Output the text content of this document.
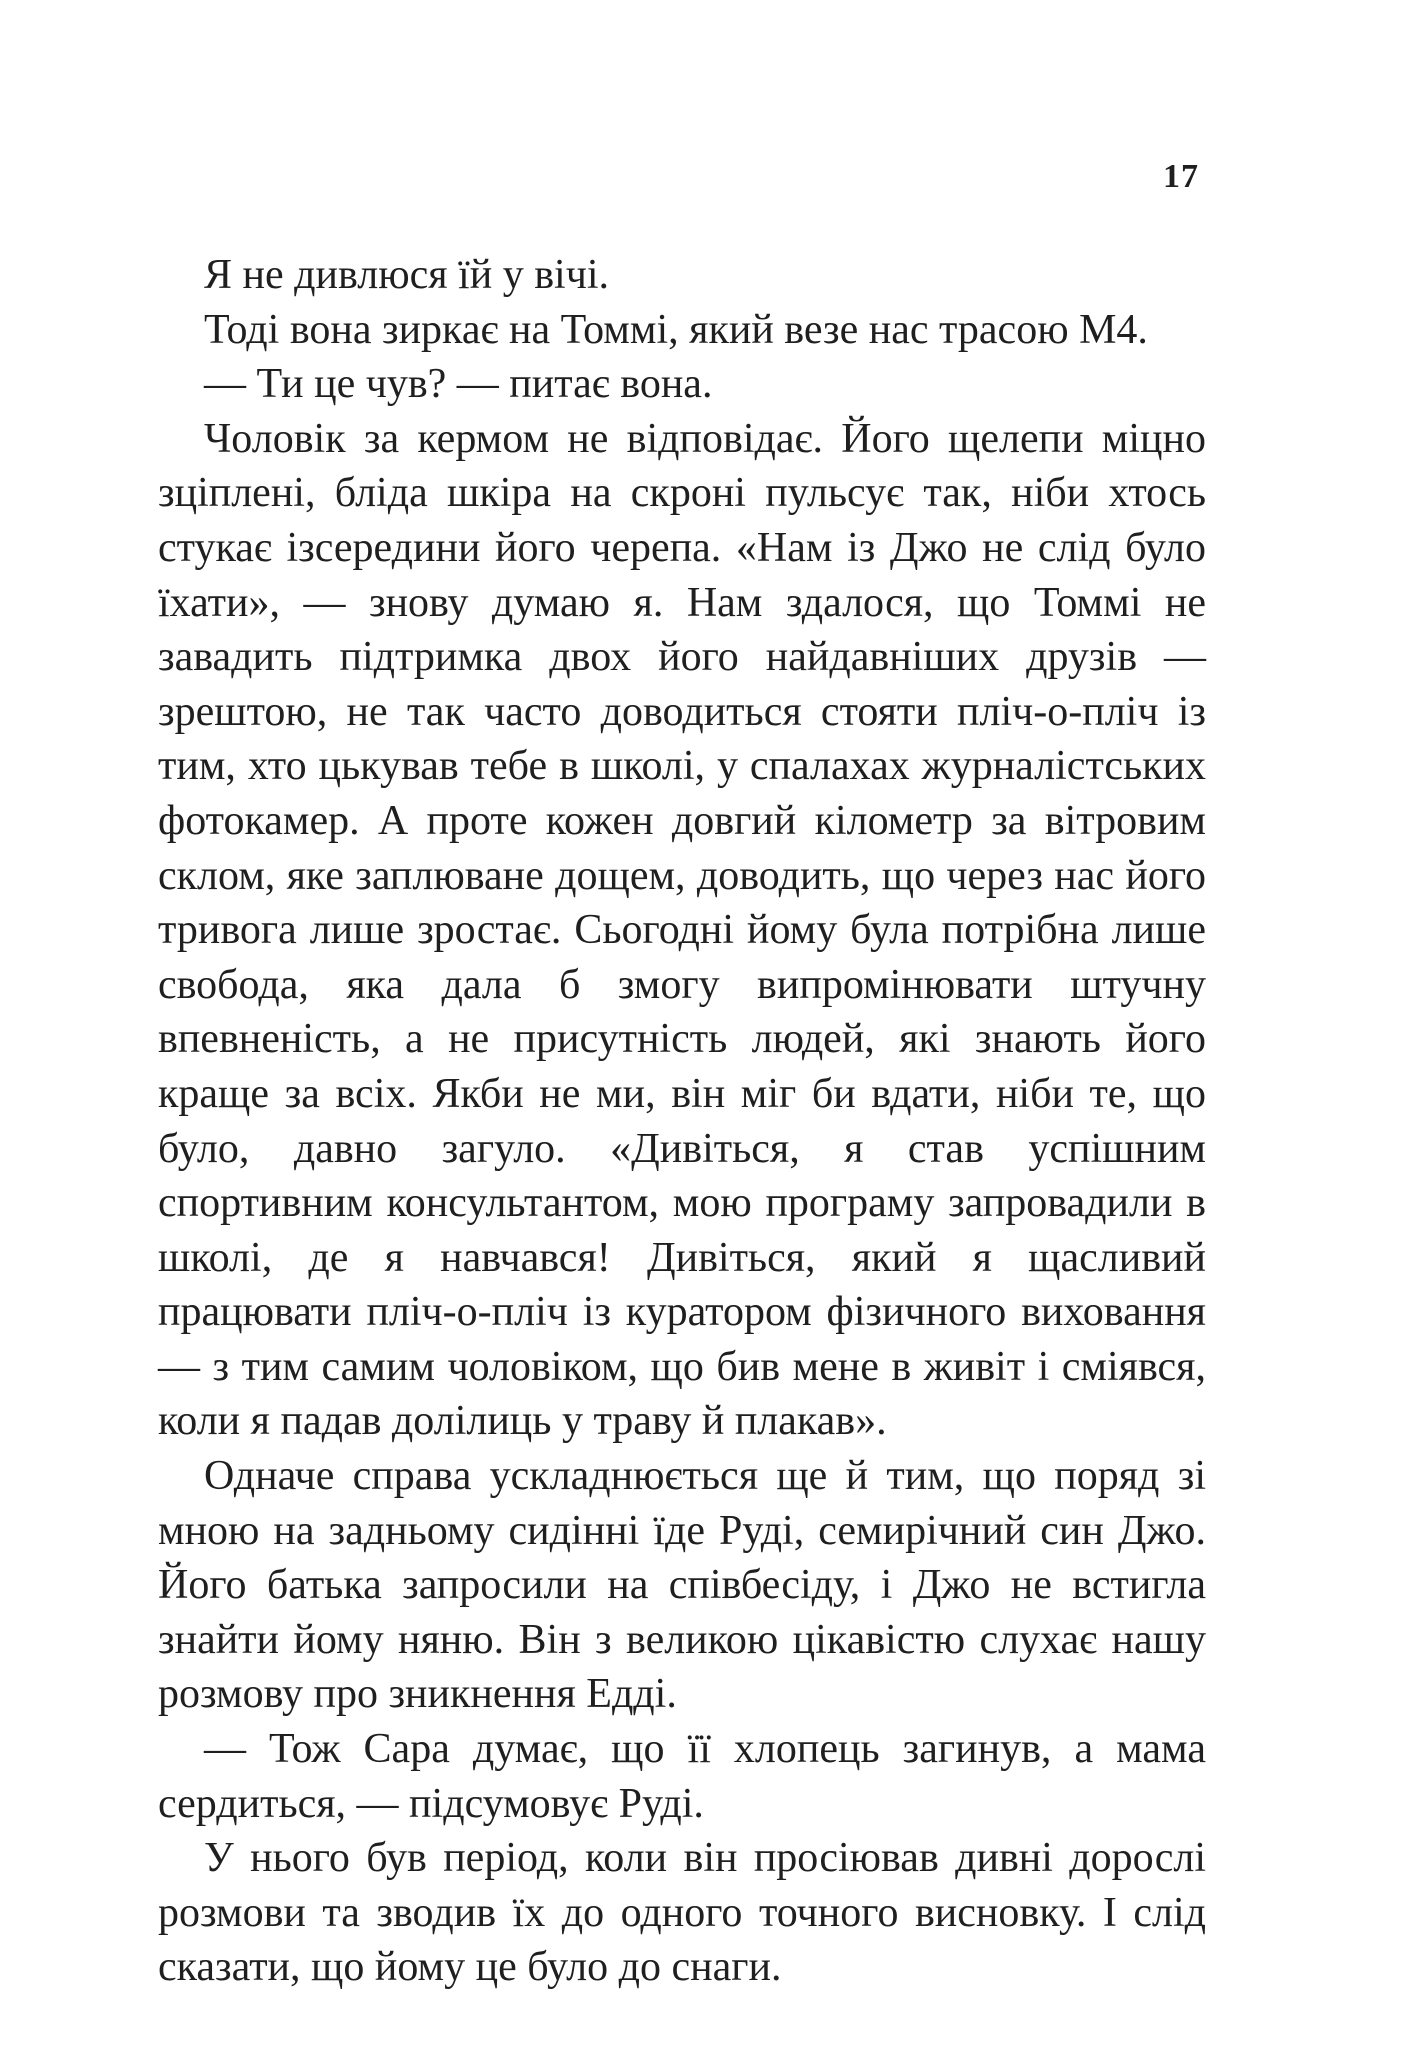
17

Я не дивлюся їй у вічі.

Тоді вона зиркає на Томмі, який везе нас трасою М4.

— Ти це чув? — питає вона.

Чоловік за кермом не відповідає. Його щелепи міцно зціплені, бліда шкіра на скроні пульсує так, ніби хтось стукає ізсередини його черепа. «Нам із Джо не слід було їхати», — знову думаю я. Нам здалося, що Томмі не завадить підтримка двох його найдавніших друзів — зрештою, не так часто доводиться стояти пліч-о-пліч із тим, хто цькував тебе в школі, у спалахах журналістських фотокамер. А проте кожен довгий кілометр за вітровим склом, яке заплюване дощем, доводить, що через нас його тривога лише зростає. Сьогодні йому була потрібна лише свобода, яка дала б змогу випромінювати штучну впевненість, а не присутність людей, які знають його краще за всіх. Якби не ми, він міг би вдати, ніби те, що було, давно загуло. «Дивіться, я став успішним спортивним консультантом, мою програму запровадили в школі, де я навчався! Дивіться, який я щасливий працювати пліч-о-пліч із куратором фізичного виховання — з тим самим чоловіком, що бив мене в живіт і сміявся, коли я падав долілиць у траву й плакав».

Одначе справа ускладнюється ще й тим, що поряд зі мною на задньому сидінні їде Руді, семирічний син Джо. Його батька запросили на співбесіду, і Джо не встигла знайти йому няню. Він з великою цікавістю слухає нашу розмову про зникнення Едді.

— Тож Сара думає, що її хлопець загинув, а мама сердиться, — підсумовує Руді.

У нього був період, коли він просіював дивні дорослі розмови та зводив їх до одного точного висновку. І слід сказати, що йому це було до снаги.
